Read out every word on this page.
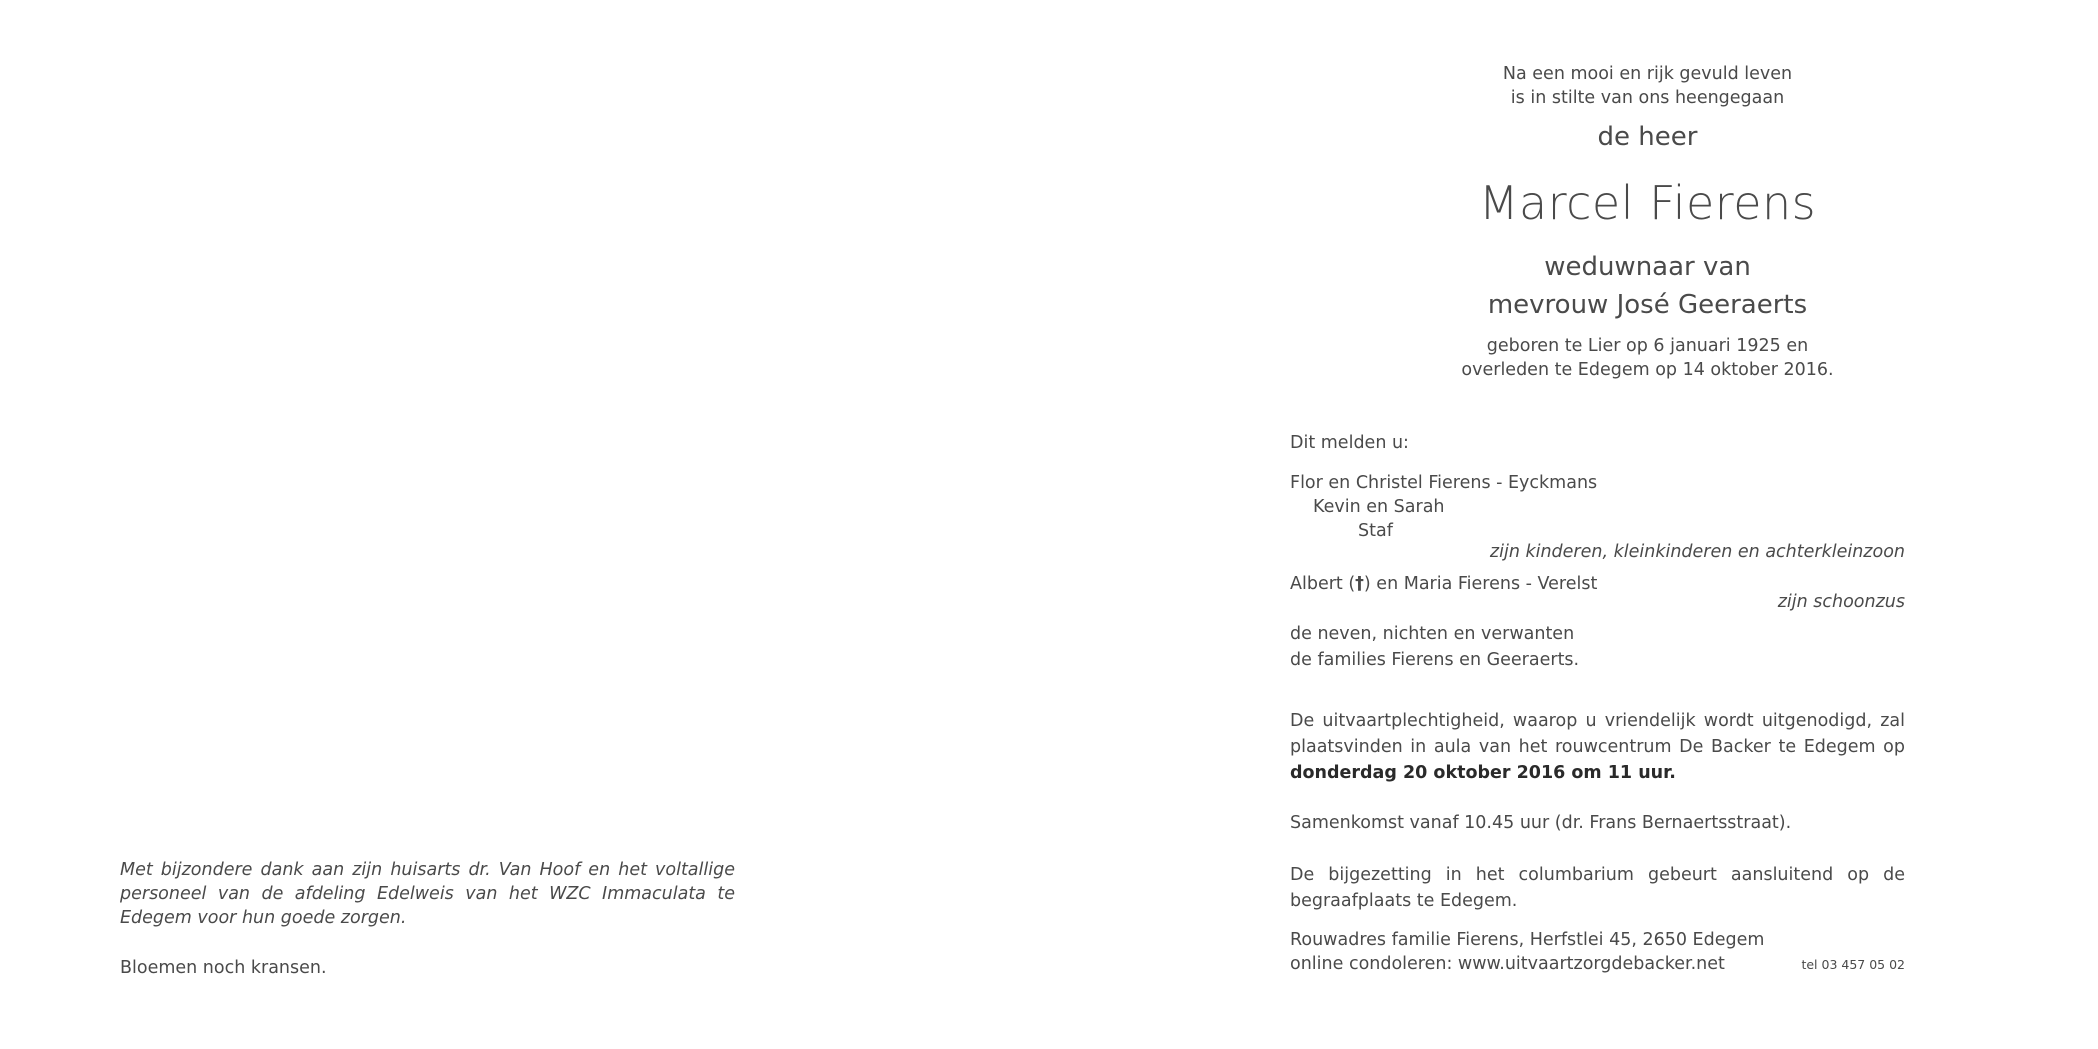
Met bijzondere dank aan zijn huisarts dr. Van Hoof en het voltallige personeel van de afdeling Edelweis van het WZC Immaculata te Edegem voor hun goede zorgen.

Bloemen noch kransen.

Na een mooi en rijk gevuld leven
is in stilte van ons heengegaan
de heer
Marcel Fierens
weduwnaar van
mevrouw José Geeraerts
geboren te Lier op 6 januari 1925 en
overleden te Edegem op 14 oktober 2016.

Dit melden u:

Flor en Christel Fierens - Eyckmans
Kevin en Sarah
Staf

zijn kinderen, kleinkinderen en achterkleinzoon

Albert (†) en Maria Fierens - Verelst

zijn schoonzus

de neven, nichten en verwanten
de families Fierens en Geeraerts.

De uitvaartplechtigheid, waarop u vriendelijk wordt uitgenodigd, zal plaatsvinden in aula van het rouwcentrum De Backer te Edegem op donderdag 20 oktober 2016 om 11 uur.

Samenkomst vanaf 10.45 uur (dr. Frans Bernaertsstraat).

De bijgezetting in het columbarium gebeurt aansluitend op de begraafplaats te Edegem.

Rouwadres familie Fierens, Herfstlei 45, 2650 Edegem
online condoleren: www.uitvaartzorgdebacker.net	tel 03 457 05 02
